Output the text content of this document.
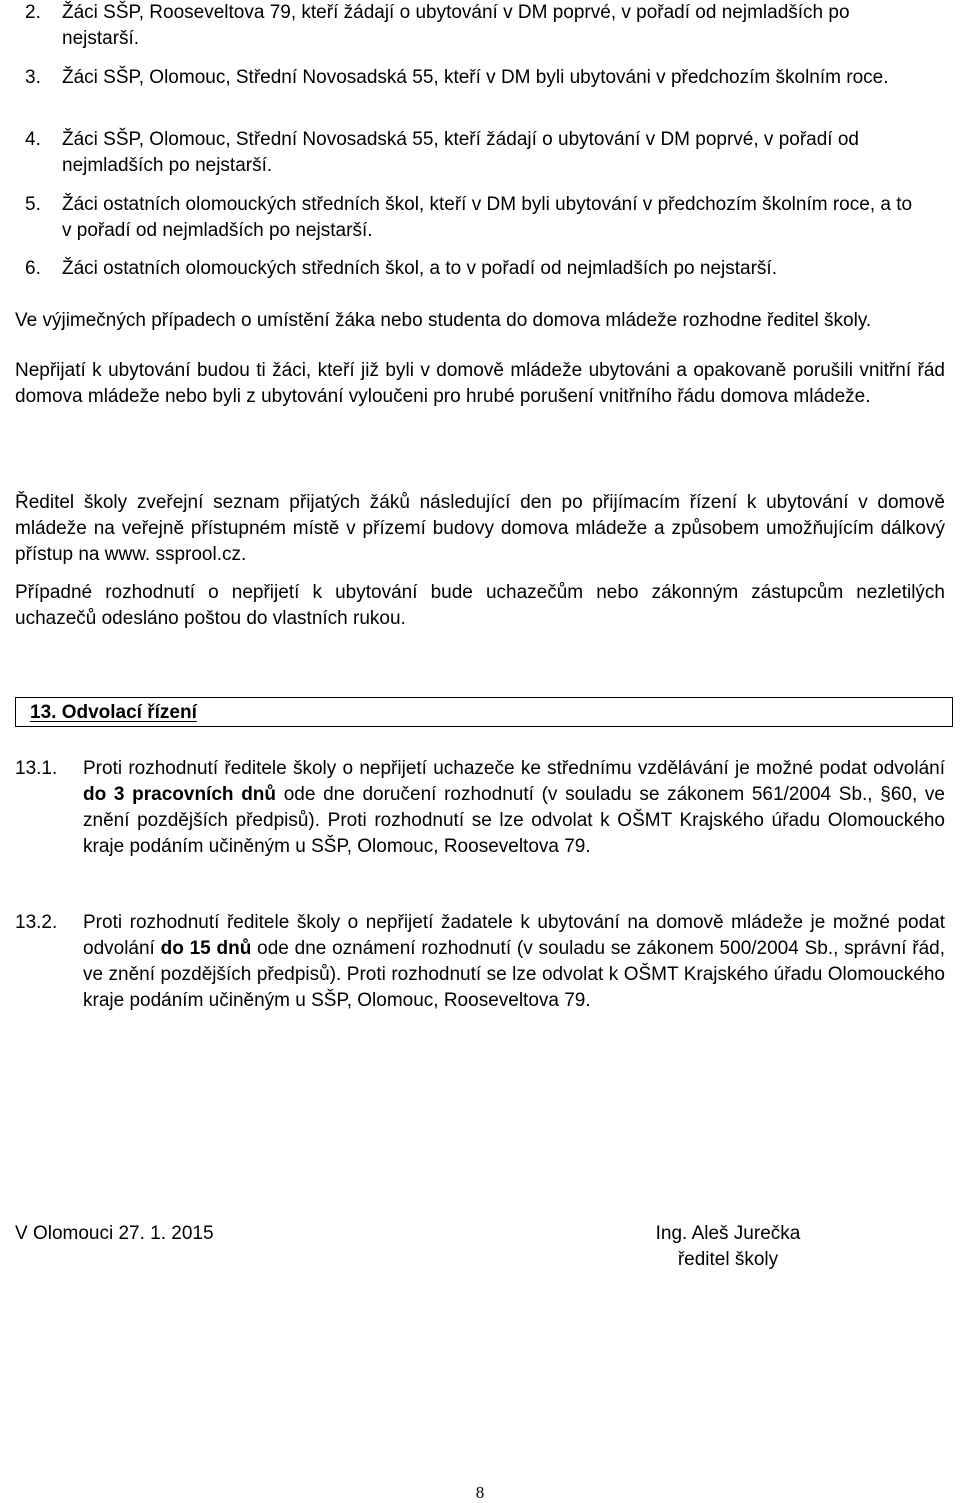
2.	Žáci SŠP, Rooseveltova 79, kteří žádají o ubytování v DM poprvé, v pořadí od nejmladších po nejstarší.
3.	Žáci SŠP, Olomouc, Střední Novosadská 55, kteří v DM byli ubytováni v předchozím školním roce.
4.	Žáci SŠP, Olomouc, Střední Novosadská 55, kteří žádají o ubytování v DM poprvé, v pořadí od nejmladších po nejstarší.
5.	Žáci ostatních olomouckých středních škol, kteří v DM byli ubytování v předchozím školním roce, a to v pořadí od nejmladších po nejstarší.
6.	Žáci ostatních olomouckých středních škol, a to v pořadí od nejmladších po nejstarší.

Ve výjimečných případech o umístění žáka nebo studenta do domova mládeže rozhodne ředitel školy.

Nepřijatí k ubytování budou ti žáci, kteří již byli v domově mládeže ubytováni a opakovaně porušili vnitřní řád domova mládeže nebo byli z ubytování vyloučeni pro hrubé porušení vnitřního řádu domova mládeže.

Ředitel školy zveřejní seznam přijatých žáků následující den po přijímacím řízení k ubytování v domově mládeže na veřejně přístupném místě v přízemí budovy domova mládeže a způsobem umožňujícím dálkový přístup na www. ssprool.cz.

Případné rozhodnutí o nepřijetí k ubytování bude uchazečům nebo zákonným zástupcům nezletilých uchazečů odesláno poštou do vlastních rukou.

13. Odvolací řízení
13.1.	Proti rozhodnutí ředitele školy o nepřijetí uchazeče ke střednímu vzdělávání je možné podat odvolání do 3 pracovních dnů ode dne doručení rozhodnutí (v souladu se zákonem 561/2004 Sb., §60, ve znění pozdějších předpisů). Proti rozhodnutí se lze odvolat k OŠMT Krajského úřadu Olomouckého kraje podáním učiněným u SŠP, Olomouc, Rooseveltova 79.
13.2.	Proti rozhodnutí ředitele školy o nepřijetí žadatele k ubytování na domově mládeže je možné podat odvolání do 15 dnů ode dne oznámení rozhodnutí (v souladu se zákonem 500/2004 Sb., správní řád, ve znění pozdějších předpisů). Proti rozhodnutí se lze odvolat k OŠMT Krajského úřadu Olomouckého kraje podáním učiněným u SŠP, Olomouc, Rooseveltova 79.
V Olomouci 27. 1. 2015	Ing. Aleš Jurečka
ředitel školy
8
